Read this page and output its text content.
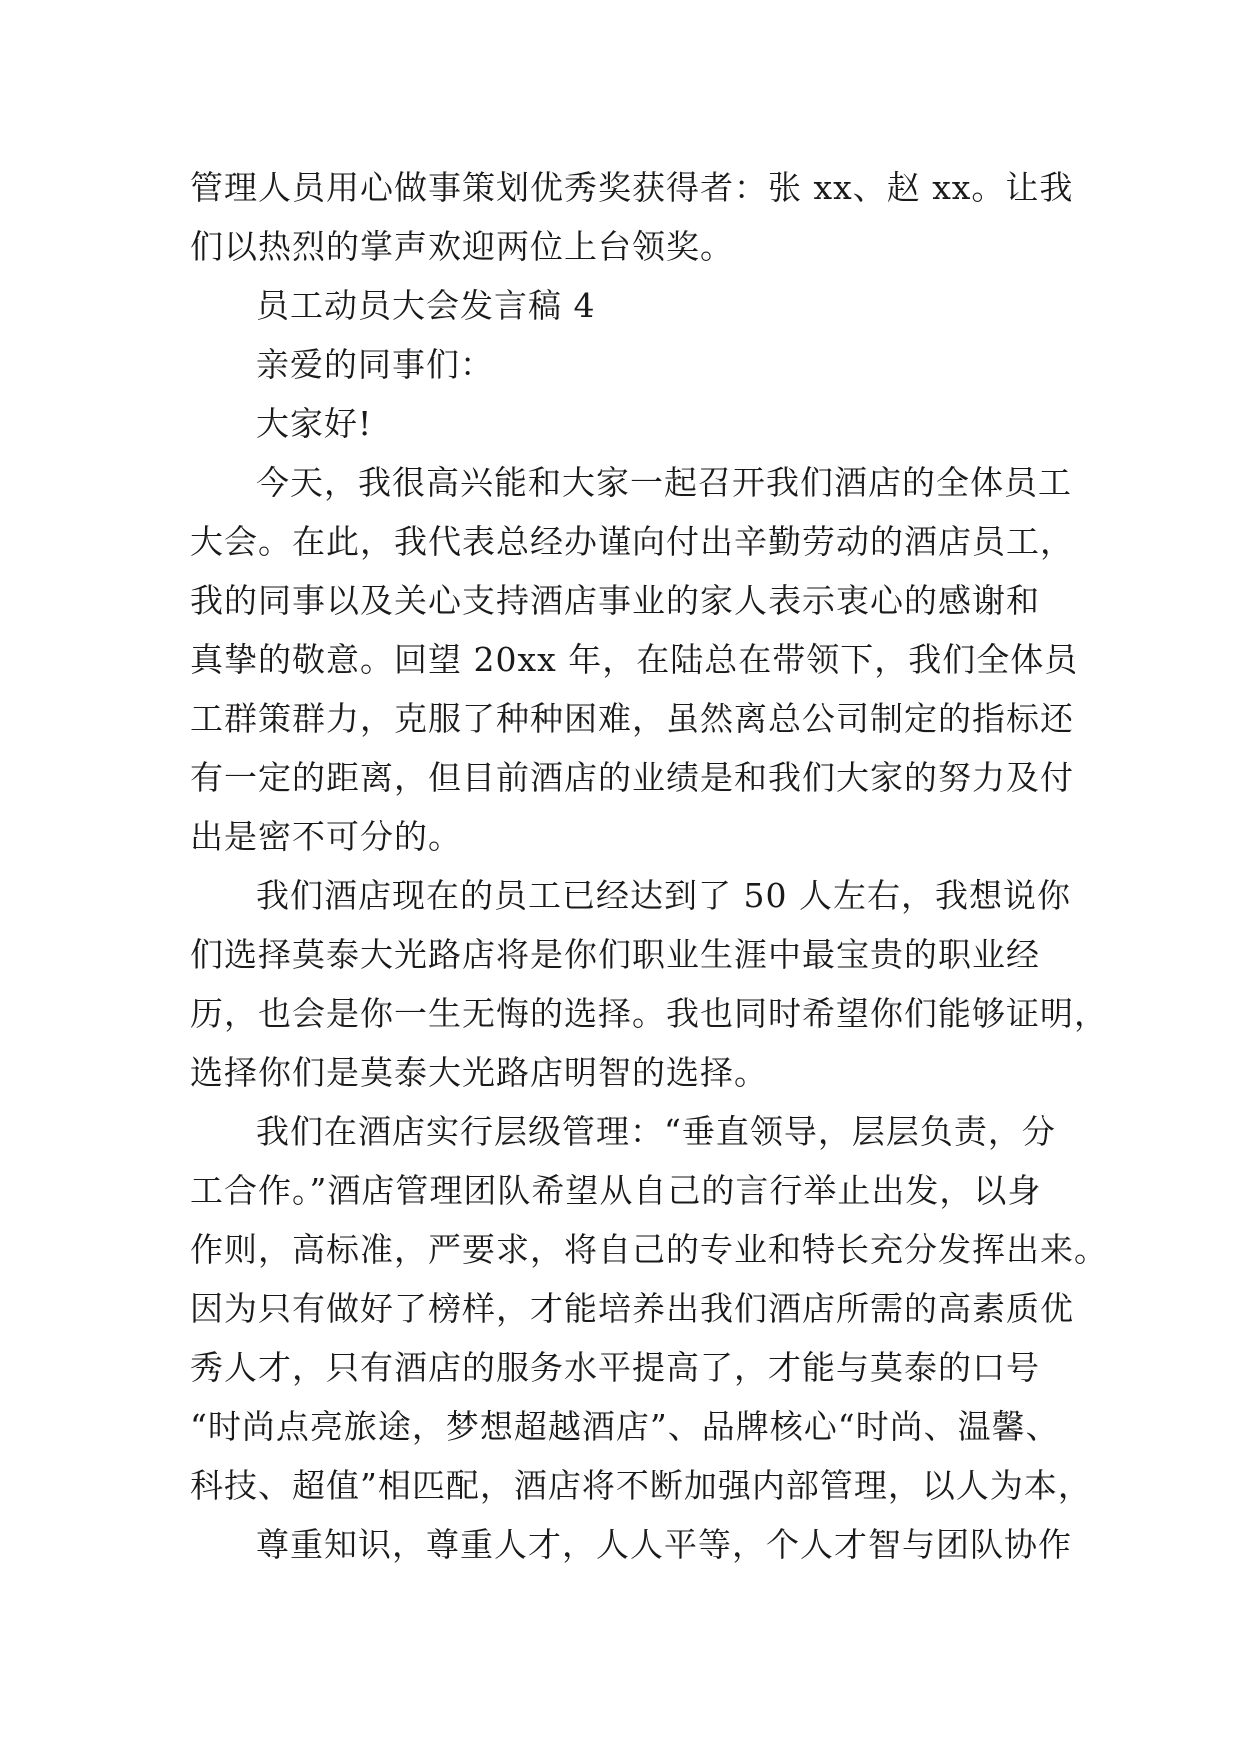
管理人员用心做事策划优秀奖获得者：张 xx、赵 xx。让我
们以热烈的掌声欢迎两位上台领奖。
员工动员大会发言稿 4
亲爱的同事们：
大家好!
今天，我很高兴能和大家一起召开我们酒店的全体员工
大会。在此，我代表总经办谨向付出辛勤劳动的酒店员工，
我的同事以及关心支持酒店事业的家人表示衷心的感谢和
真挚的敬意。回望 20xx 年，在陆总在带领下，我们全体员
工群策群力，克服了种种困难，虽然离总公司制定的指标还
有一定的距离，但目前酒店的业绩是和我们大家的努力及付
出是密不可分的。
我们酒店现在的员工已经达到了 50 人左右，我想说你
们选择莫泰大光路店将是你们职业生涯中最宝贵的职业经
历，也会是你一生无悔的选择。我也同时希望你们能够证明，
选择你们是莫泰大光路店明智的选择。
我们在酒店实行层级管理：“垂直领导，层层负责，分
工合作。”酒店管理团队希望从自己的言行举止出发，以身
作则，高标准，严要求，将自己的专业和特长充分发挥出来。
因为只有做好了榜样，才能培养出我们酒店所需的高素质优
秀人才，只有酒店的服务水平提高了，才能与莫泰的口号
“时尚点亮旅途，梦想超越酒店”、品牌核心“时尚、温馨、
科技、超值”相匹配，酒店将不断加强内部管理，以人为本，
尊重知识，尊重人才，人人平等，个人才智与团队协作
